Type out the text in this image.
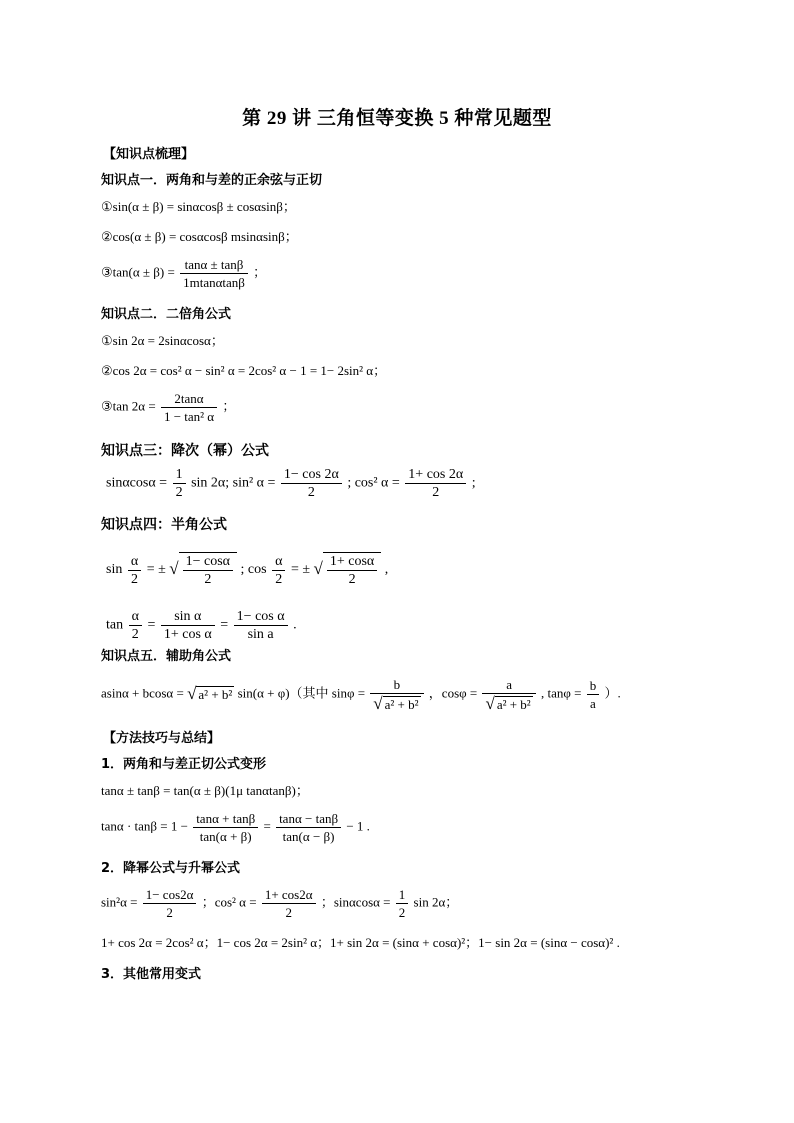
第 29 讲 三角恒等变换 5 种常见题型
【知识点梳理】
知识点一．两角和与差的正余弦与正切
①sin(α ± β) = sinαcosβ ± cosαsinβ；
②cos(α ± β) = cosαcosβ msinαsinβ；
③tan(α ± $\beta) = \frac{\tan\alpha \pm \tan\beta}{1mtan\alpha\tan\beta}$ ；
知识点二．二倍角公式
①sin 2α = 2sinαcosα；
②cos 2α = cos² α − sin² α = 2cos² α − 1 = 1− 2sin² α；
③tan $2\alpha = \frac{2\tan\alpha}{\text{1 − tan² α}}$ ；
知识点三：降次（幂）公式
$\sin\alpha\cos\alpha = \frac{1}{2}$ sin 2α; sin² $\alpha = \frac{1- \cos 2\alpha}{2}$ ; cos² $\alpha = \frac{1+ \cos 2\alpha}{2}$ ;
知识点四：半角公式
$\sin \frac{\alpha}{2}$ = ± √ $\frac{1- \cos\alpha}{2}$ ; $\cos \frac{\alpha}{2}$ = ± √ $\frac{1+ \cos\alpha}{2}$ ,
$\tan \frac{\alpha}{2} = \frac{\text{sin α}}{\text{1+ cos α}} = \frac{\text{1− cos α}}{\text{sin a}}$ .
知识点五．辅助角公式
asinα + bcosα = √ a² + b² sin(α + φ)（其中 $\sin\varphi = \frac{b}{\text{√ a² + b²}}$ ，$\cos\varphi = \frac{a}{\text{√ a² + b²}}$ , $\tan\varphi = \frac{b}{a}$ ）.
【方法技巧与总结】
1．两角和与差正切公式变形
tanα ± tanβ = tan(α ± β)(1μ tanαtanβ)；
$\tan\alpha \cdot \tan\beta = 1 - \frac{\tan\alpha + \tan\beta}{\tan(\alpha + \beta)} = \frac{\tan\alpha - \tan\beta}{\tan(\alpha - \beta)} - 1$ .
2．降幂公式与升幂公式
$\sin^2\alpha = \frac{1- \cos 2\alpha}{2}$ ；cos² $\alpha = \frac{1+ \cos 2\alpha}{2}$ ；$\sin\alpha\cos\alpha = \frac{1}{2}$ sin 2α；
1+ cos 2α = 2cos² α；1− cos 2α = 2sin² α；1+ sin 2α = (sinα + cosα)²；1− sin 2α = (sinα − cosα)² .
3．其他常用变式
